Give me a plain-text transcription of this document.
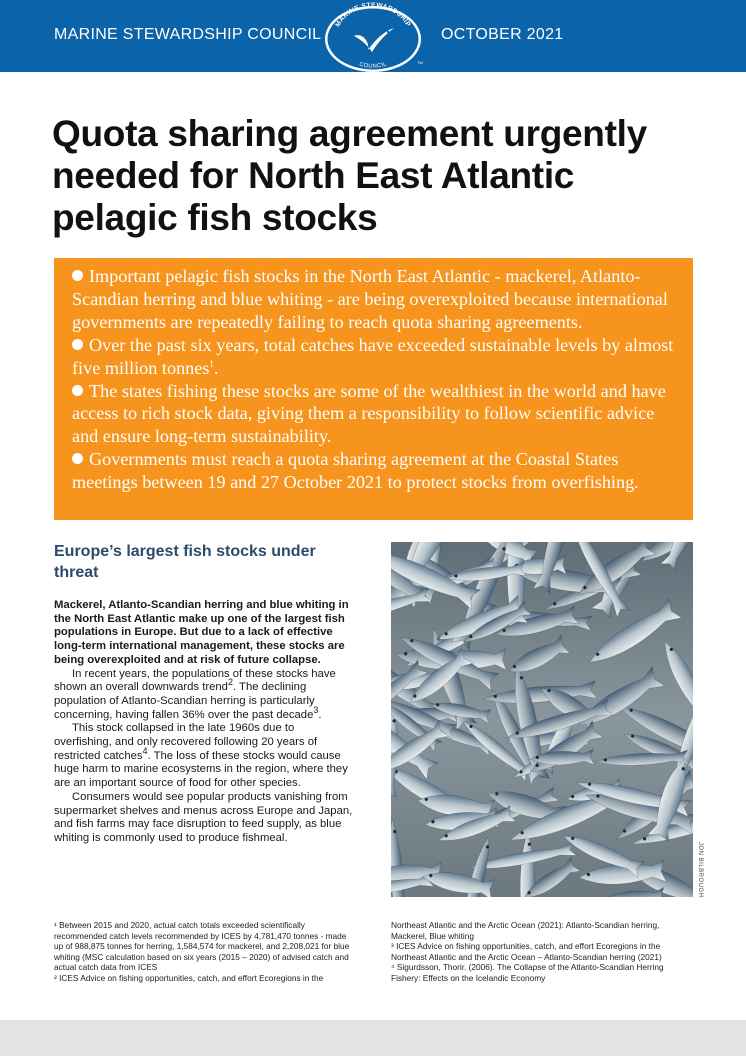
MARINE STEWARDSHIP COUNCIL
MARINE STEWARDSHIP
COUNCIL	TM
OCTOBER 2021
Quota sharing agreement urgently needed for North East Atlantic pelagic fish stocks

Important pelagic fish stocks in the North East Atlantic - mackerel, Atlanto-Scandian herring and blue whiting - are being overexploited because international governments are repeatedly failing to reach quota sharing agreements.

Over the past six years, total catches have exceeded sustainable levels by almost five million tonnes$^1$.

The states fishing these stocks are some of the wealthiest in the world and have access to rich stock data, giving them a responsibility to follow scientific advice and ensure long-term sustainability.

Governments must reach a quota sharing agreement at the Coastal States meetings between 19 and 27 October 2021 to protect stocks from overfishing.

Europe’s largest fish stocks under threat

Mackerel, Atlanto-Scandian herring and blue whiting in the North East Atlantic make up one of the largest fish populations in Europe. But due to a lack of effective long-term international management, these stocks are being overexploited and at risk of future collapse.

In recent years, the populations of these stocks have shown an overall downwards trend$^2$. The declining population of Atlanto-Scandian herring is particularly concerning, having fallen 36% over the past decade$^3$.

This stock collapsed in the late 1960s due to overfishing, and only recovered following 20 years of restricted catches$^4$. The loss of these stocks would cause huge harm to marine ecosystems in the region, where they are an important source of food for other species.

Consumers would see popular products vanishing from supermarket shelves and menus across Europe and Japan, and fish farms may face disruption to feed supply, as blue whiting is commonly used to produce fishmeal.

JON BILBROUGH

¹ Between 2015 and 2020, actual catch totals exceeded scientifically recommended catch levels recommended by ICES by 4,781,470 tonnes - made up of 988,875 tonnes for herring, 1,584,574 for mackerel, and 2,208,021 for blue whiting (MSC calculation based on six years (2015 – 2020) of advised catch and actual catch data from ICES

² ICES Advice on fishing opportunities, catch, and effort Ecoregions in the

Northeast Atlantic and the Arctic Ocean (2021): Atlanto-Scandian herring, Mackerel, Blue whiting

³ ICES Advice on fishing opportunities, catch, and effort Ecoregions in the Northeast Atlantic and the Arctic Ocean – Atlanto-Scandian herring (2021)

⁴ Sigurdsson, Thorir. (2006). The Collapse of the Atlanto-Scandian Herring Fishery: Effects on the Icelandic Economy
